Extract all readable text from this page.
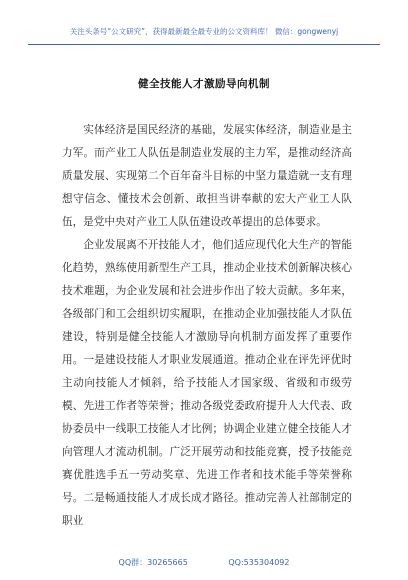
关注头条号“公文研究”，获得最新最全最专业的公文资料库！ 微信：gongwenyj
健全技能人才激励导向机制

实体经济是国民经济的基础，发展实体经济，制造业是主力军。而产业工人队伍是制造业发展的主力军，是推动经济高质量发展、实现第二个百年奋斗目标的中坚力量造就一支有理想守信念、懂技术会创新、敢担当讲奉献的宏大产业工人队伍，是党中央对产业工人队伍建设改革提出的总体要求。

企业发展离不开技能人才，他们适应现代化大生产的智能化趋势，熟练使用新型生产工具，推动企业技术创新解决核心技术难题，为企业发展和社会进步作出了较大贡献。多年来，各级部门和工会组织切实履职，在推动企业加强技能人才队伍建设，特别是健全技能人才激励导向机制方面发挥了重要作用。一是建设技能人才职业发展通道。推动企业在评先评优时主动向技能人才倾斜，给予技能人才国家级、省级和市级劳模、先进工作者等荣誉；推动各级党委政府提升人大代表、政协委员中一线职工技能人才比例；协调企业建立健全技能人才向管理人才流动机制。广泛开展劳动和技能竞赛，授予技能竞赛优胜选手五一劳动奖章、先进工作者和技术能手等荣誉称号。二是畅通技能人才成长成才路径。推动完善人社部制定的职业

QQ群：30265665	QQ:535304092
